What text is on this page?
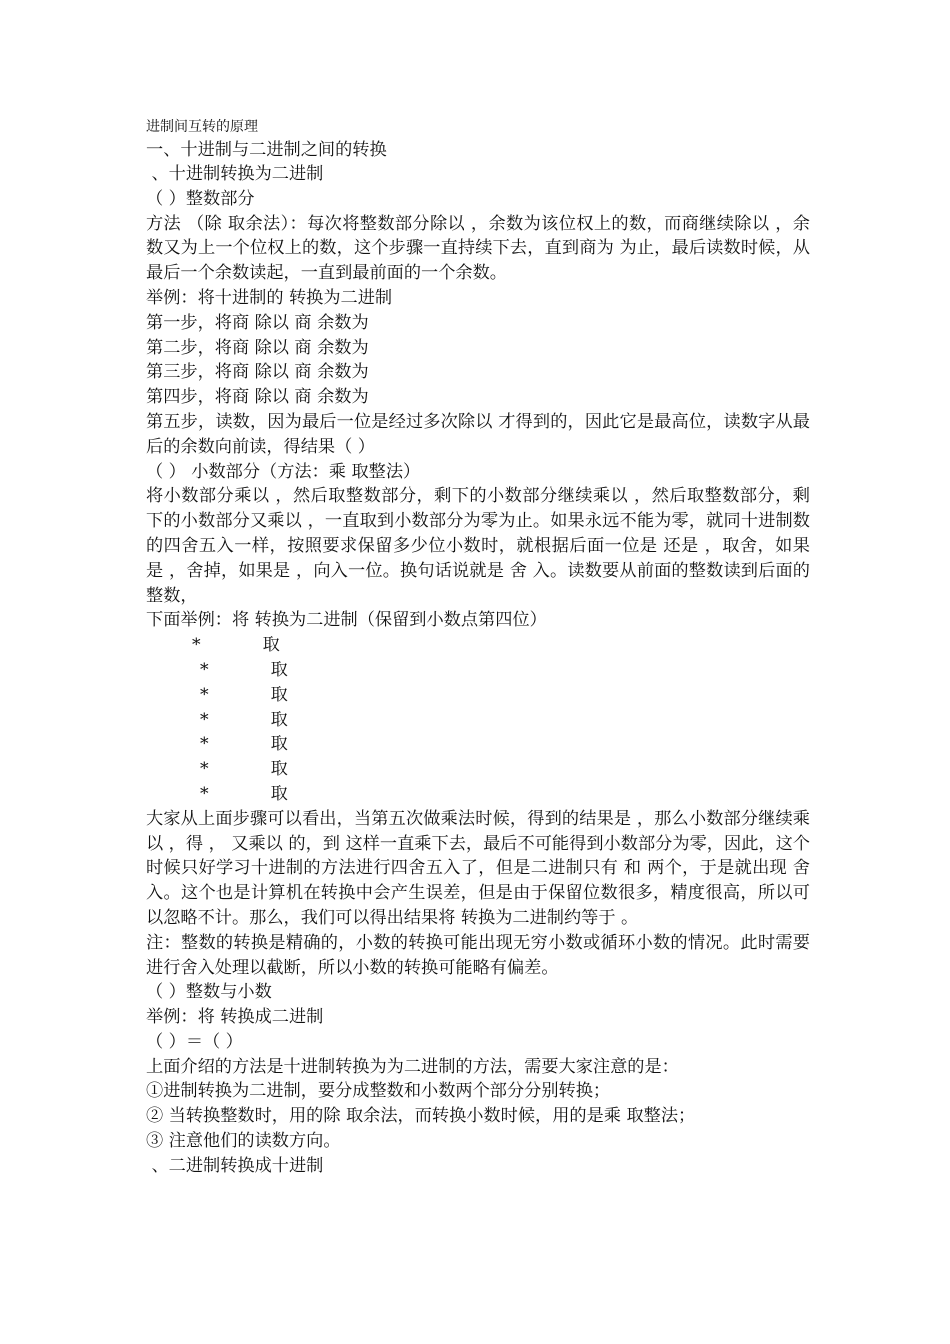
进制间互转的原理
一、十进制与二进制之间的转换
、十进制转换为二进制
（ ）整数部分
方法 （除 取余法）：每次将整数部分除以 ，余数为该位权上的数，而商继续除以 ，余数又为上一个位权上的数，这个步骤一直持续下去，直到商为 为止，最后读数时候，从最后一个余数读起，一直到最前面的一个余数。
举例：将十进制的 转换为二进制
第一步，将商 除以 商 余数为
第二步，将商 除以 商 余数为
第三步，将商 除以 商 余数为
第四步，将商 除以 商 余数为
第五步，读数，因为最后一位是经过多次除以 才得到的，因此它是最高位，读数字从最后的余数向前读，得结果（ ）
（ ） 小数部分（方法：乘 取整法）
将小数部分乘以 ，然后取整数部分，剩下的小数部分继续乘以 ，然后取整数部分，剩下的小数部分又乘以 ，一直取到小数部分为零为止。如果永远不能为零，就同十进制数的四舍五入一样，按照要求保留多少位小数时，就根据后面一位是 还是 ，取舍，如果是 ，舍掉，如果是 ，向入一位。换句话说就是 舍 入。读数要从前面的整数读到后面的整数，
下面举例：将 转换为二进制（保留到小数点第四位）
*	取
*	取
*	取
*	取
*	取
*	取
*	取
大家从上面步骤可以看出，当第五次做乘法时候，得到的结果是 ，那么小数部分继续乘以 ，得 ， 又乘以 的，到 这样一直乘下去，最后不可能得到小数部分为零，因此，这个时候只好学习十进制的方法进行四舍五入了，但是二进制只有 和 两个，于是就出现 舍 入。这个也是计算机在转换中会产生误差，但是由于保留位数很多，精度很高，所以可以忽略不计。那么，我们可以得出结果将 转换为二进制约等于 。
注：整数的转换是精确的，小数的转换可能出现无穷小数或循环小数的情况。此时需要进行舍入处理以截断，所以小数的转换可能略有偏差。
（ ）整数与小数
举例：将 转换成二进制
（ ）＝（ ）
上面介绍的方法是十进制转换为为二进制的方法，需要大家注意的是：
①进制转换为二进制，要分成整数和小数两个部分分别转换；
② 当转换整数时，用的除 取余法，而转换小数时候，用的是乘 取整法；
③ 注意他们的读数方向。
、二进制转换成十进制
